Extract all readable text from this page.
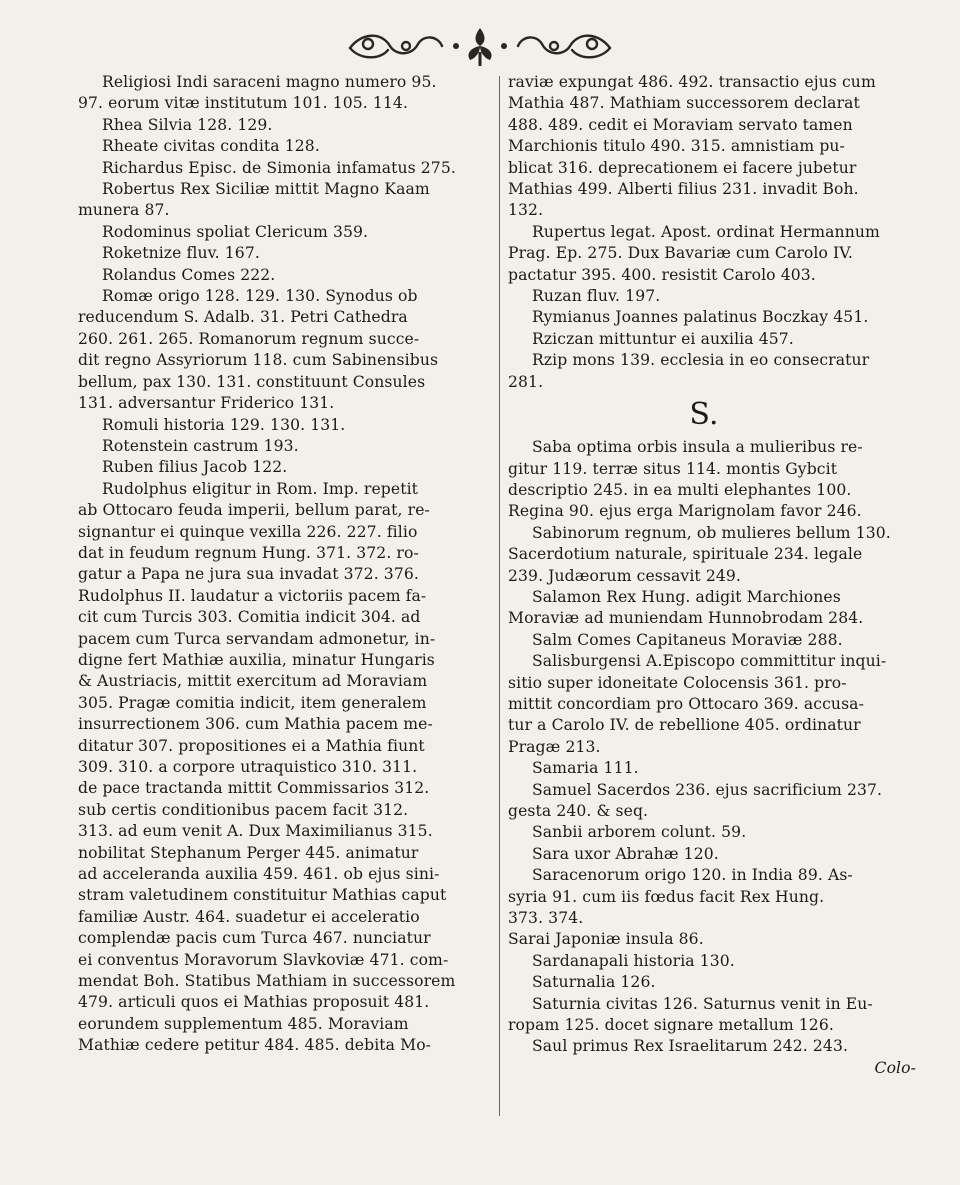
Religiosi Indi saraceni magno numero 95.
97. eorum vitæ institutum 101. 105. 114.
Rhea Silvia 128. 129.
Rheate civitas condita 128.
Richardus Episc. de Simonia infamatus 275.
Robertus Rex Siciliæ mittit Magno Kaam
munera 87.
Rodominus spoliat Clericum 359.
Roketnize fluv. 167.
Rolandus Comes 222.
Romæ origo 128. 129. 130. Synodus ob
reducendum S. Adalb. 31. Petri Cathedra
260. 261. 265. Romanorum regnum succe-
dit regno Assyriorum 118. cum Sabinensibus
bellum, pax 130. 131. constituunt Consules
131. adversantur Friderico 131.
Romuli historia 129. 130. 131.
Rotenstein castrum 193.
Ruben filius Jacob 122.
Rudolphus eligitur in Rom. Imp. repetit
ab Ottocaro feuda imperii, bellum parat, re-
signantur ei quinque vexilla 226. 227. filio
dat in feudum regnum Hung. 371. 372. ro-
gatur a Papa ne jura sua invadat 372. 376.
Rudolphus II. laudatur a victoriis pacem fa-
cit cum Turcis 303. Comitia indicit 304. ad
pacem cum Turca servandam admonetur, in-
digne fert Mathiæ auxilia, minatur Hungaris
& Austriacis, mittit exercitum ad Moraviam
305. Pragæ comitia indicit, item generalem
insurrectionem 306. cum Mathia pacem me-
ditatur 307. propositiones ei a Mathia fiunt
309. 310. a corpore utraquistico 310. 311.
de pace tractanda mittit Commissarios 312.
sub certis conditionibus pacem facit 312.
313. ad eum venit A. Dux Maximilianus 315.
nobilitat Stephanum Perger 445. animatur
ad acceleranda auxilia 459. 461. ob ejus sini-
stram valetudinem constituitur Mathias caput
familiæ Austr. 464. suadetur ei acceleratio
complendæ pacis cum Turca 467. nunciatur
ei conventus Moravorum Slavkoviæ 471. com-
mendat Boh. Statibus Mathiam in successorem
479. articuli quos ei Mathias proposuit 481.
eorundem supplementum 485. Moraviam
Mathiæ cedere petitur 484. 485. debita Mo-
raviæ expungat 486. 492. transactio ejus cum
Mathia 487. Mathiam successorem declarat
488. 489. cedit ei Moraviam servato tamen
Marchionis titulo 490. 315. amnistiam pu-
blicat 316. deprecationem ei facere jubetur
Mathias 499. Alberti filius 231. invadit Boh.
132.
Rupertus legat. Apost. ordinat Hermannum
Prag. Ep. 275. Dux Bavariæ cum Carolo IV.
pactatur 395. 400. resistit Carolo 403.
Ruzan fluv. 197.
Rymianus Joannes palatinus Boczkay 451.
Rziczan mittuntur ei auxilia 457.
Rzip mons 139. ecclesia in eo consecratur
281.
S.
Saba optima orbis insula a mulieribus re-
gitur 119. terræ situs 114. montis Gybcit
descriptio 245. in ea multi elephantes 100.
Regina 90. ejus erga Marignolam favor 246.
Sabinorum regnum, ob mulieres bellum 130.
Sacerdotium naturale, spirituale 234. legale
239. Judæorum cessavit 249.
Salamon Rex Hung. adigit Marchiones
Moraviæ ad muniendam Hunnobrodam 284.
Salm Comes Capitaneus Moraviæ 288.
Salisburgensi A.Episcopo committitur inqui-
sitio super idoneitate Colocensis 361. pro-
mittit concordiam pro Ottocaro 369. accusa-
tur a Carolo IV. de rebellione 405. ordinatur
Pragæ 213.
Samaria 111.
Samuel Sacerdos 236. ejus sacrificium 237.
gesta 240. & seq.
Sanbii arborem colunt. 59.
Sara uxor Abrahæ 120.
Saracenorum origo 120. in India 89. As-
syria 91. cum iis fœdus facit Rex Hung.
373. 374.
Sarai Japoniæ insula 86.
Sardanapali historia 130.
Saturnalia 126.
Saturnia civitas 126. Saturnus venit in Eu-
ropam 125. docet signare metallum 126.
Saul primus Rex Israelitarum 242. 243.
Colo-
